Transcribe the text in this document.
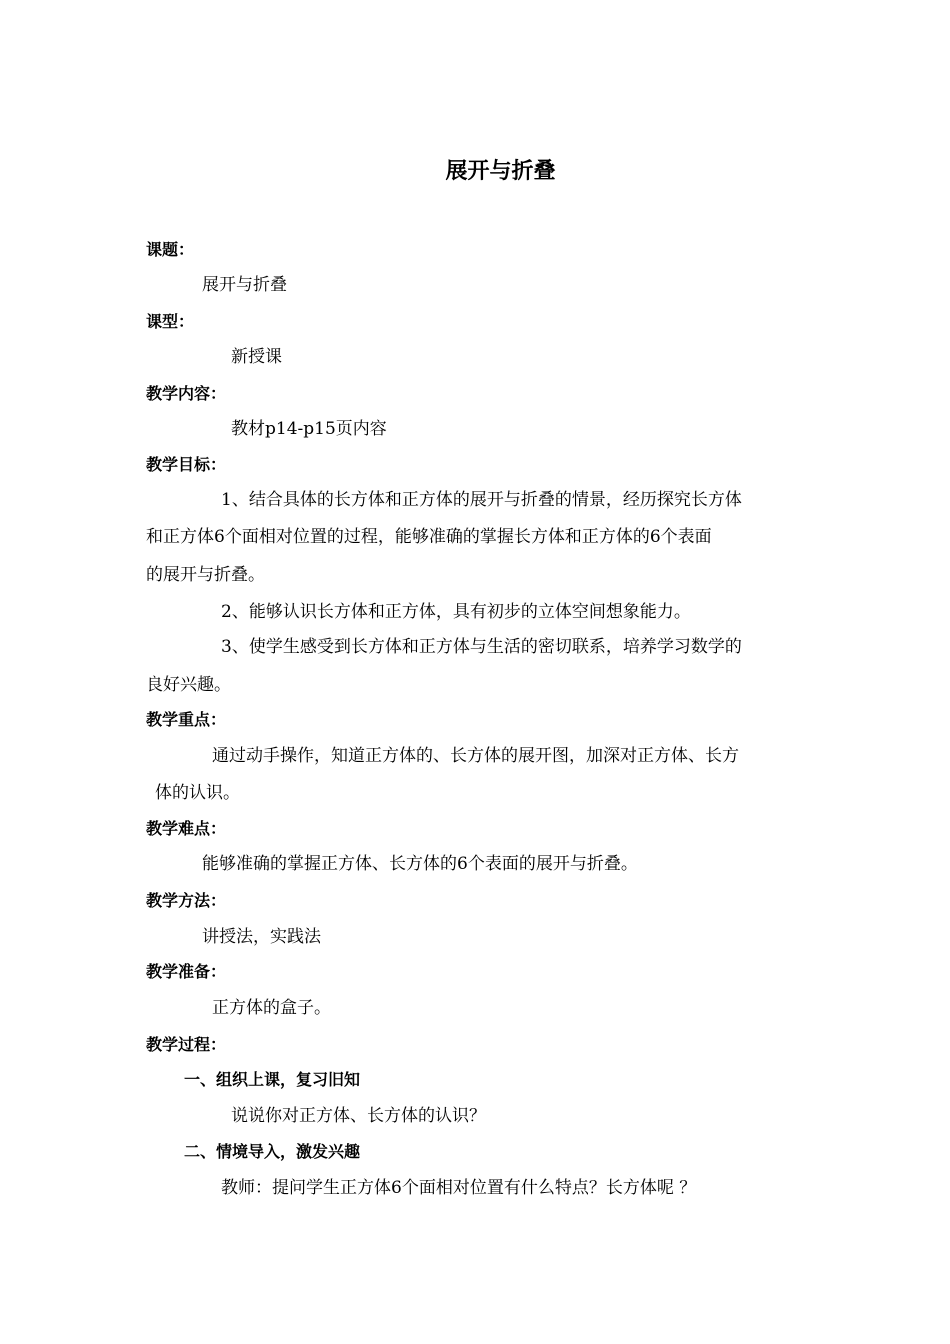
展开与折叠
课题：
展开与折叠
课型：
新授课
教学内容：
教材p14-p15页内容
教学目标：
1、结合具体的长方体和正方体的展开与折叠的情景，经历探究长方体
和正方体6个面相对位置的过程，能够准确的掌握长方体和正方体的6个表面
的展开与折叠。
2、能够认识长方体和正方体，具有初步的立体空间想象能力。
3、使学生感受到长方体和正方体与生活的密切联系，培养学习数学的
良好兴趣。
教学重点：
通过动手操作，知道正方体的、长方体的展开图，加深对正方体、长方
体的认识。
教学难点：
能够准确的掌握正方体、长方体的6个表面的展开与折叠。
教学方法：
讲授法，实践法
教学准备：
正方体的盒子。
教学过程：
一、组织上课，复习旧知
说说你对正方体、长方体的认识？
二、情境导入，激发兴趣
教师：提问学生正方体6个面相对位置有什么特点？长方体呢 ？
